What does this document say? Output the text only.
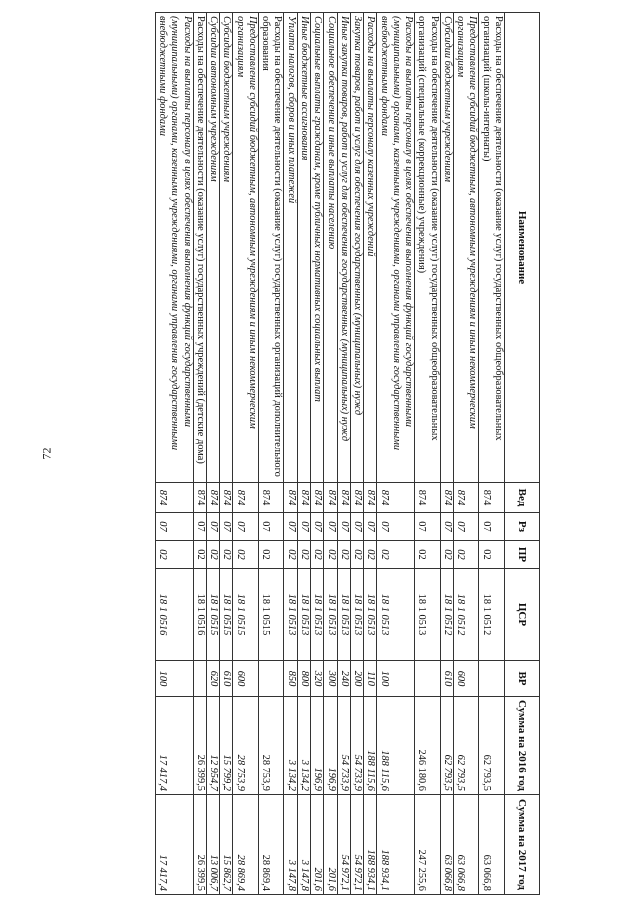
72
Наименование	Вед	Рз	ПР	ЦСР	ВР	Сумма на 2016 год	Сумма на 2017 год
Расходы на обеспечение деятельности (оказание услуг) государственных общеобразовательных организаций (школы-интернаты)	874	07	02	18 1 0512		62 793,5	63 066,8
Предоставление субсидий бюджетным, автономным учреждениям и иным некоммерческим организациям	874	07	02	18 1 0512	600	62 793,5	63 066,8
Субсидии бюджетным учреждениям	874	07	02	18 1 0512	610	62 793,5	63 066,8
Расходы на обеспечение деятельности (оказание услуг) государственных общеобразовательных организаций (специальные (коррекционные) учреждения)	874	07	02	18 1 0513		246 180,6	247 255,6
Расходы на выплаты персоналу в целях обеспечения выполнения функций государственными (муниципальными) органами, казенными учреждениями, органами управления государственными внебюджетными фондами	874	07	02	18 1 0513	100	188 115,6	188 934,1
Расходы на выплаты персоналу казенных учреждений	874	07	02	18 1 0513	110	188 115,6	188 934,1
Закупка товаров, работ и услуг для обеспечения государственных (муниципальных) нужд	874	07	02	18 1 0513	200	54 733,9	54 972,1
Иные закупки товаров, работ и услуг для обеспечения государственных (муниципальных) нужд	874	07	02	18 1 0513	240	54 733,9	54 972,1
Социальное обеспечение и иные выплаты населению	874	07	02	18 1 0513	300	196,9	201,6
Социальные выплаты гражданам, кроме публичных нормативных социальных выплат	874	07	02	18 1 0513	320	196,9	201,6
Иные бюджетные ассигнования	874	07	02	18 1 0513	800	3 134,2	3 147,8
Уплата налогов, сборов и иных платежей	874	07	02	18 1 0513	850	3 134,2	3 147,8
Расходы на обеспечение деятельности (оказание услуг) государственных организаций дополнительного образования	874	07	02	18 1 0515		28 753,9	28 869,4
Предоставление субсидий бюджетным, автономным учреждениям и иным некоммерческим организациям	874	07	02	18 1 0515	600	28 753,9	28 869,4
Субсидии бюджетным учреждениям	874	07	02	18 1 0515	610	15 799,2	15 862,7
Субсидии автономным учреждениям	874	07	02	18 1 0515	620	12 954,7	13 006,7
Расходы на обеспечение деятельности (оказание услуг) государственных учреждений (детские дома)	874	07	02	18 1 0516		26 399,5	26 399,5
Расходы на выплаты персоналу в целях обеспечения выполнения функций государственными (муниципальными) органами, казенными учреждениями, органами управления государственными внебюджетными фондами	874	07	02	18 1 0516	100	17 417,4	17 417,4
